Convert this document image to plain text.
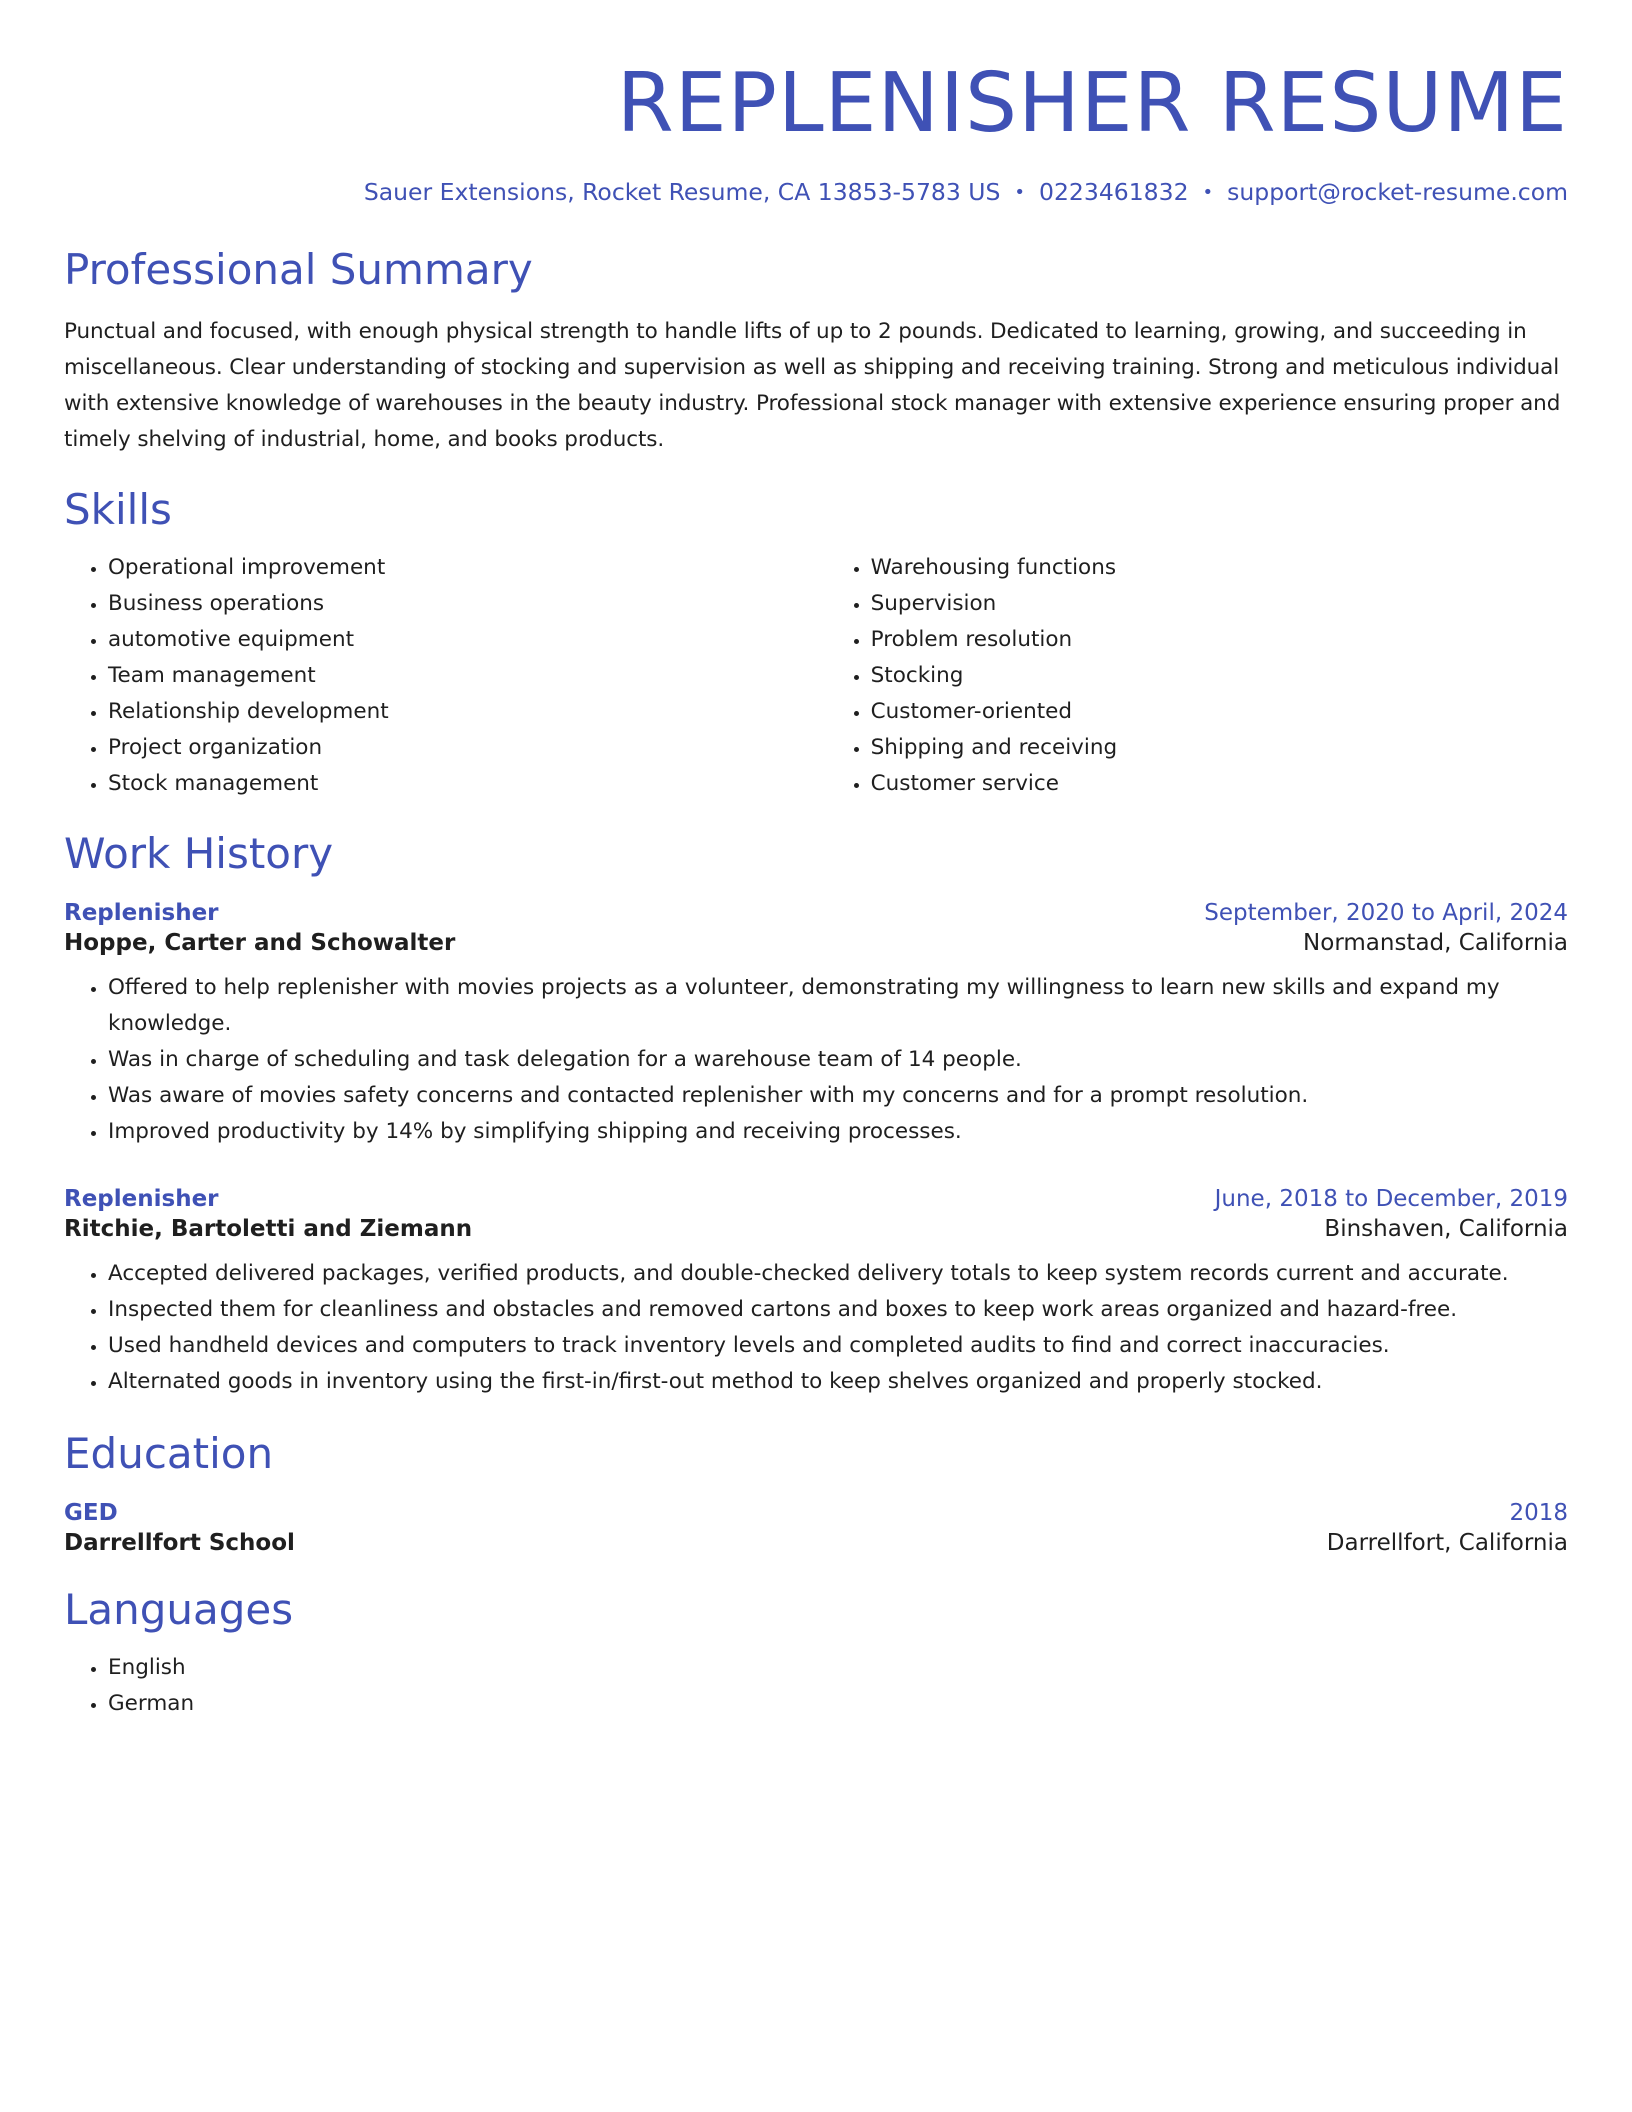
REPLENISHER RESUME
Sauer Extensions, Rocket Resume, CA 13853-5783 US • 0223461832 • support@rocket-resume.com
Professional Summary

Punctual and focused, with enough physical strength to handle lifts of up to 2 pounds. Dedicated to learning, growing, and succeeding in miscellaneous. Clear understanding of stocking and supervision as well as shipping and receiving training. Strong and meticulous individual with extensive knowledge of warehouses in the beauty industry. Professional stock manager with extensive experience ensuring proper and timely shelving of industrial, home, and books products.

Skills
• Operational improvement
• Business operations
• automotive equipment
• Team management
• Relationship development
• Project organization
• Stock management
• Warehousing functions
• Supervision
• Problem resolution
• Stocking
• Customer-oriented
• Shipping and receiving
• Customer service
Work History
Replenisher	September, 2020 to April, 2024
Hoppe, Carter and Schowalter	Normanstad, California
• Offered to help replenisher with movies projects as a volunteer, demonstrating my willingness to learn new skills and expand my knowledge.
• Was in charge of scheduling and task delegation for a warehouse team of 14 people.
• Was aware of movies safety concerns and contacted replenisher with my concerns and for a prompt resolution.
• Improved productivity by 14% by simplifying shipping and receiving processes.
Replenisher	June, 2018 to December, 2019
Ritchie, Bartoletti and Ziemann	Binshaven, California
• Accepted delivered packages, verified products, and double-checked delivery totals to keep system records current and accurate.
• Inspected them for cleanliness and obstacles and removed cartons and boxes to keep work areas organized and hazard-free.
• Used handheld devices and computers to track inventory levels and completed audits to find and correct inaccuracies.
• Alternated goods in inventory using the first-in/first-out method to keep shelves organized and properly stocked.
Education
GED	2018
Darrellfort School	Darrellfort, California
Languages
• English
• German
